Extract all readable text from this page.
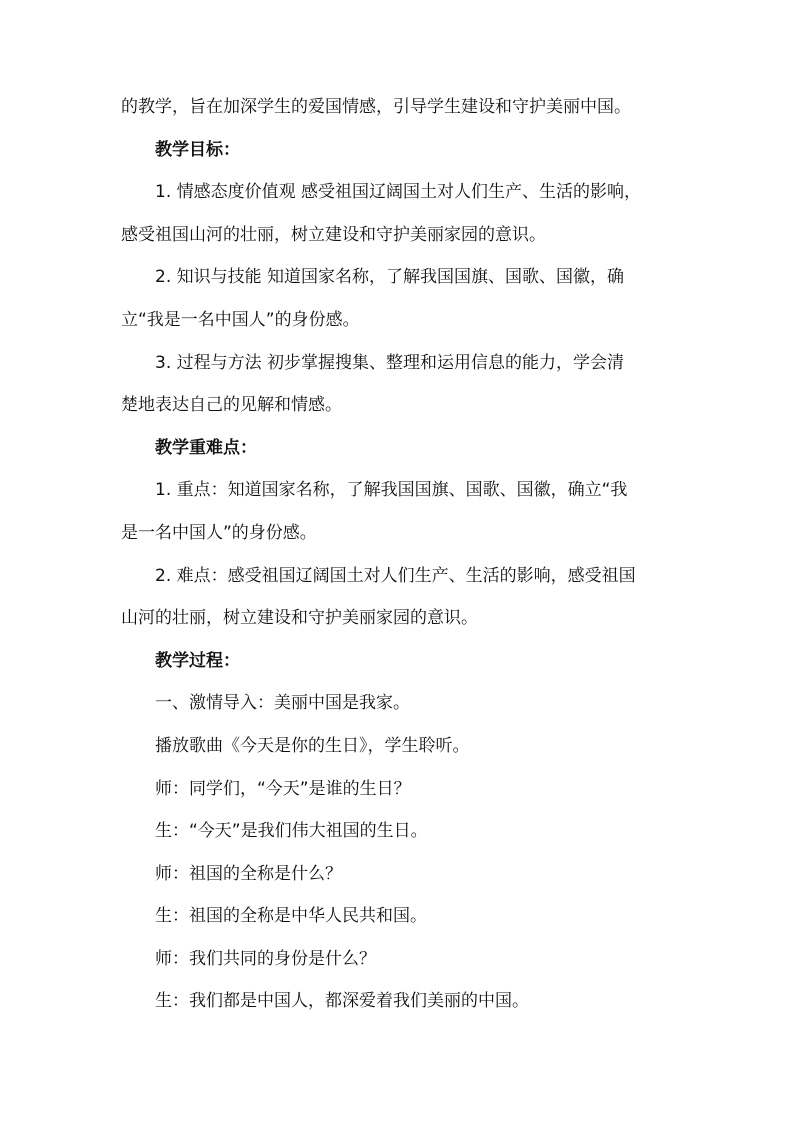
的教学，旨在加深学生的爱国情感，引导学生建设和守护美丽中国。
教学目标：
1. 情感态度价值观 感受祖国辽阔国土对人们生产、生活的影响，
感受祖国山河的壮丽，树立建设和守护美丽家园的意识。
2. 知识与技能 知道国家名称，了解我国国旗、国歌、国徽，确
立“我是一名中国人”的身份感。
3. 过程与方法 初步掌握搜集、整理和运用信息的能力，学会清
楚地表达自己的见解和情感。
教学重难点：
1. 重点：知道国家名称，了解我国国旗、国歌、国徽，确立“我
是一名中国人”的身份感。
2. 难点：感受祖国辽阔国土对人们生产、生活的影响，感受祖国
山河的壮丽，树立建设和守护美丽家园的意识。
教学过程：
一、激情导入：美丽中国是我家。
播放歌曲《今天是你的生日》，学生聆听。
师：同学们，“今天”是谁的生日？
生：“今天”是我们伟大祖国的生日。
师：祖国的全称是什么？
生：祖国的全称是中华人民共和国。
师：我们共同的身份是什么？
生：我们都是中国人，都深爱着我们美丽的中国。
